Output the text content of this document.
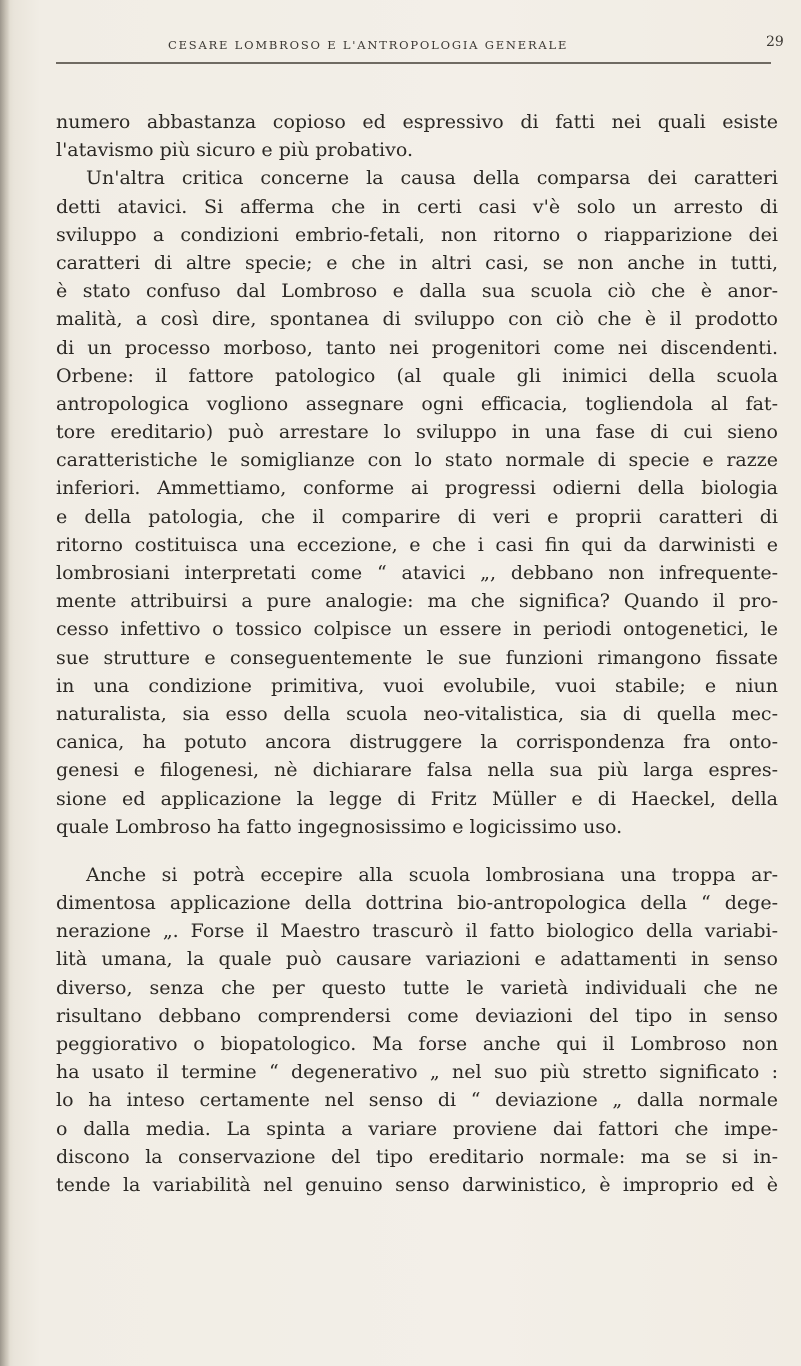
CESARE LOMBROSO E L'ANTROPOLOGIA GENERALE	29
numero abbastanza copioso ed espressivo di fatti nei quali esiste
l'atavismo più sicuro e più probativo.
Un'altra critica concerne la causa della comparsa dei caratteri
detti atavici. Si afferma che in certi casi v'è solo un arresto di
sviluppo a condizioni embrio-fetali, non ritorno o riapparizione dei
caratteri di altre specie; e che in altri casi, se non anche in tutti,
è stato confuso dal Lombroso e dalla sua scuola ciò che è anor-
malità, a così dire, spontanea di sviluppo con ciò che è il prodotto
di un processo morboso, tanto nei progenitori come nei discendenti.
Orbene: il fattore patologico (al quale gli inimici della scuola
antropologica vogliono assegnare ogni efficacia, togliendola al fat-
tore ereditario) può arrestare lo sviluppo in una fase di cui sieno
caratteristiche le somiglianze con lo stato normale di specie e razze
inferiori. Ammettiamo, conforme ai progressi odierni della biologia
e della patologia, che il comparire di veri e proprii caratteri di
ritorno costituisca una eccezione, e che i casi fin qui da darwinisti e
lombrosiani interpretati come “ atavici „, debbano non infrequente-
mente attribuirsi a pure analogie: ma che significa? Quando il pro-
cesso infettivo o tossico colpisce un essere in periodi ontogenetici, le
sue strutture e conseguentemente le sue funzioni rimangono fissate
in una condizione primitiva, vuoi evolubile, vuoi stabile; e niun
naturalista, sia esso della scuola neo-vitalistica, sia di quella mec-
canica, ha potuto ancora distruggere la corrispondenza fra onto-
genesi e filogenesi, nè dichiarare falsa nella sua più larga espres-
sione ed applicazione la legge di Fritz Müller e di Haeckel, della
quale Lombroso ha fatto ingegnosissimo e logicissimo uso.
Anche si potrà eccepire alla scuola lombrosiana una troppa ar-
dimentosa applicazione della dottrina bio-antropologica della “ dege-
nerazione „. Forse il Maestro trascurò il fatto biologico della variabi-
lità umana, la quale può causare variazioni e adattamenti in senso
diverso, senza che per questo tutte le varietà individuali che ne
risultano debbano comprendersi come deviazioni del tipo in senso
peggiorativo o biopatologico. Ma forse anche qui il Lombroso non
ha usato il termine “ degenerativo „ nel suo più stretto significato :
lo ha inteso certamente nel senso di “ deviazione „ dalla normale
o dalla media. La spinta a variare proviene dai fattori che impe-
discono la conservazione del tipo ereditario normale: ma se si in-
tende la variabilità nel genuino senso darwinistico, è improprio ed è
